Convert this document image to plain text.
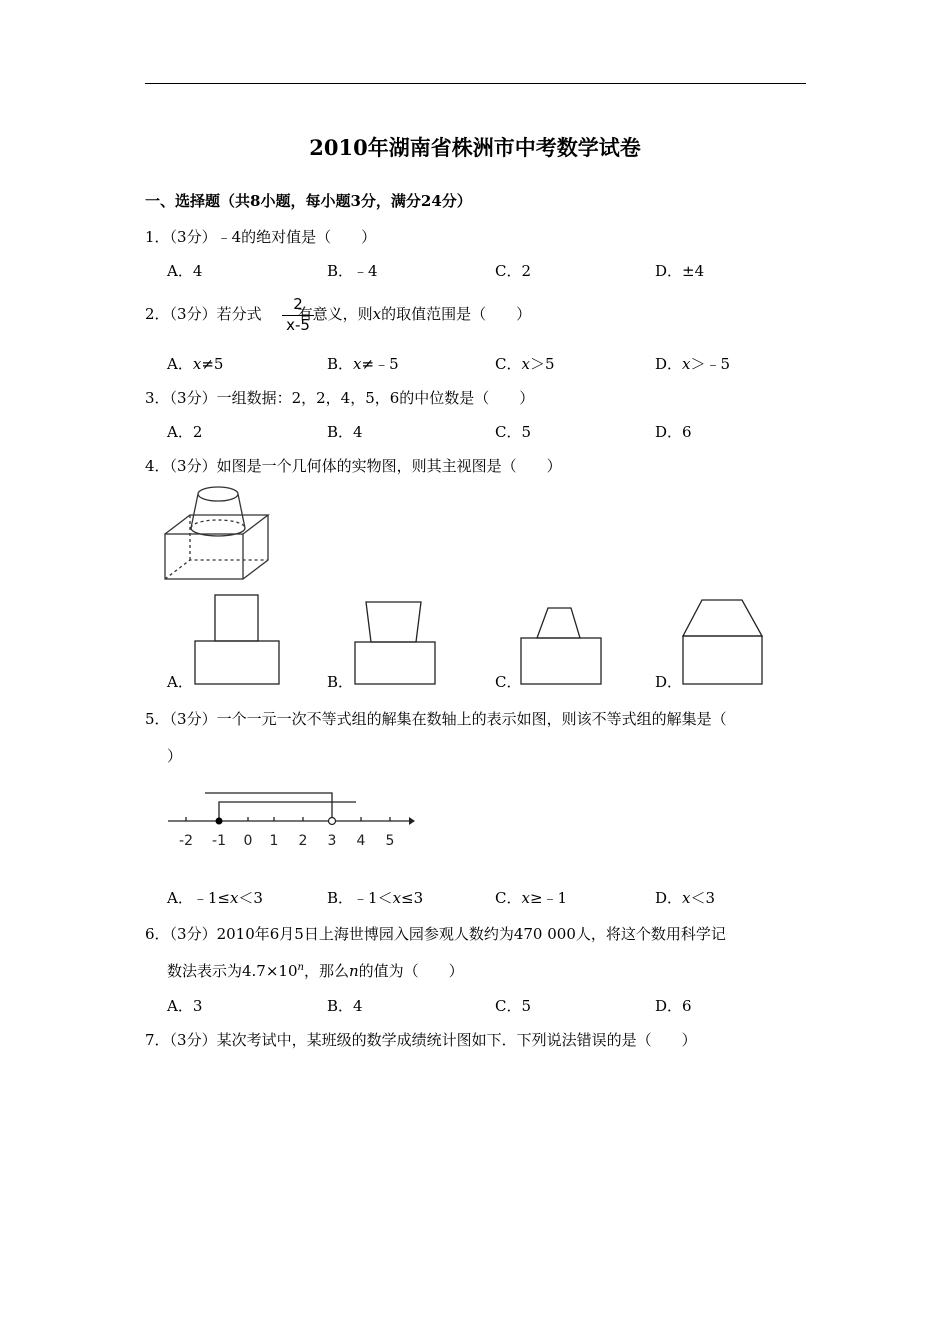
2010年湖南省株洲市中考数学试卷
一、选择题（共8小题，每小题3分，满分24分）
1．（3分）﹣4的绝对值是（　　）
A．4	B．﹣4	C．2	D．±4
2．（3分）若分式 有意义，则x的取值范围是（　　）
2
x-5
A．x≠5	B．x≠﹣5	C．x＞5	D．x＞﹣5
3．（3分）一组数据：2，2，4，5，6的中位数是（　　）
A．2	B．4	C．5	D．6
4．（3分）如图是一个几何体的实物图，则其主视图是（　　）
A．	B．	C．	D．
5．（3分）一个一元一次不等式组的解集在数轴上的表示如图，则该不等式组的解集是（
）
-2 -1 0 1 2 3 4 5
A．﹣1≤x＜3	B．﹣1＜x≤3	C．x≥﹣1	D．x＜3
6．（3分）2010年6月5日上海世博园入园参观人数约为470 000人，将这个数用科学记
数法表示为$4.7\times 10^n$，那么n的值为（　　）
A．3	B．4	C．5	D．6
7．（3分）某次考试中，某班级的数学成绩统计图如下．下列说法错误的是（　　）
